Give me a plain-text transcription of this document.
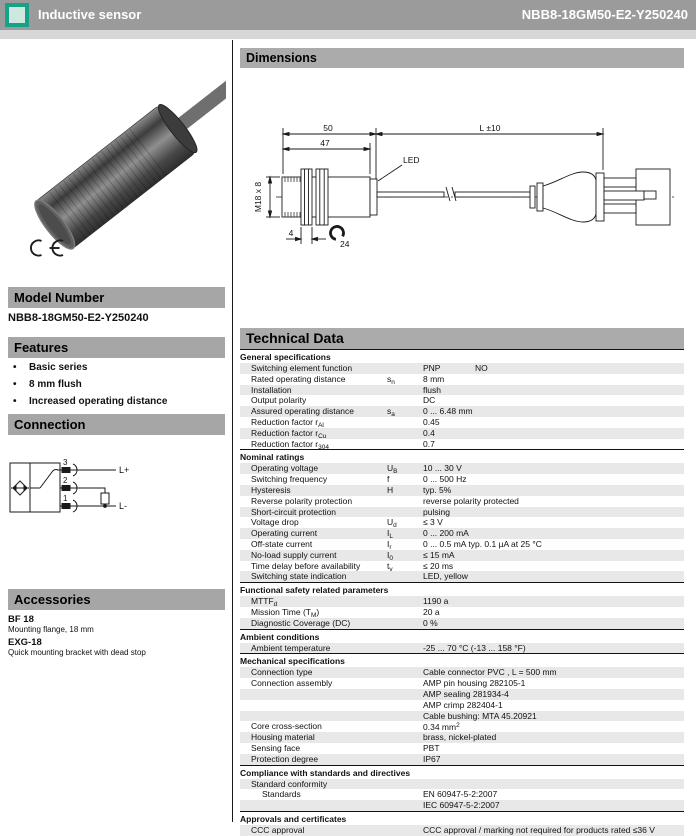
Inductive sensor	NBB8-18GM50-E2-Y250240
Model Number
NBB8-18GM50-E2-Y250240
Features
• Basic series
• 8 mm flush
• Increased operating distance
Connection
3
2
1
L+
L-
Accessories
BF 18
Mounting flange, 18 mm
EXG-18
Quick mounting bracket with dead stop
Dimensions
50
47
L ±10
LED
M18 x 8
4
24
Technical Data
General specifications
Switching element function	PNP	NO
Rated operating distance	$s_n$	8 mm
Installation	flush
Output polarity	DC
Assured operating distance	$s_a$	0 ... 6.48 mm
Reduction factor $r_{Al}$	0.45
Reduction factor $r_{Cu}$	0.4
Reduction factor $r_{304}$	0.7
Nominal ratings
Operating voltage	$U_B$	10 ... 30 V
Switching frequency	f	0 ... 500 Hz
Hysteresis	H	typ. 5%
Reverse polarity protection	reverse polarity protected
Short-circuit protection	pulsing
Voltage drop	$U_d$	≤ 3 V
Operating current	$I_L$	0 ... 200 mA
Off-state current	$I_r$	0 ... 0.5 mA typ. 0.1 µA at 25 °C
No-load supply current	$I_0$	≤ 15 mA
Time delay before availability	$t_v$	≤ 20 ms
Switching state indication	LED, yellow
Functional safety related parameters
$MTTF_d$	1190 a
Mission Time $(T_M)$	20 a
Diagnostic Coverage (DC)	0 %
Ambient conditions
Ambient temperature	-25 ... 70 °C (-13 ... 158 °F)
Mechanical specifications
Connection type	Cable connector PVC , L = 500 mm
Connection assembly	AMP pin housing 282105-1
AMP sealing 281934-4
AMP crimp 282404-1
Cable bushing: MTA 45.20921
Core cross-section	0.34 $mm^2$
Housing material	brass, nickel-plated
Sensing face	PBT
Protection degree	IP67
Compliance with standards and directives
Standard conformity
Standards	EN 60947-5-2:2007
IEC 60947-5-2:2007
Approvals and certificates
CCC approval	CCC approval / marking not required for products rated ≤36 V
